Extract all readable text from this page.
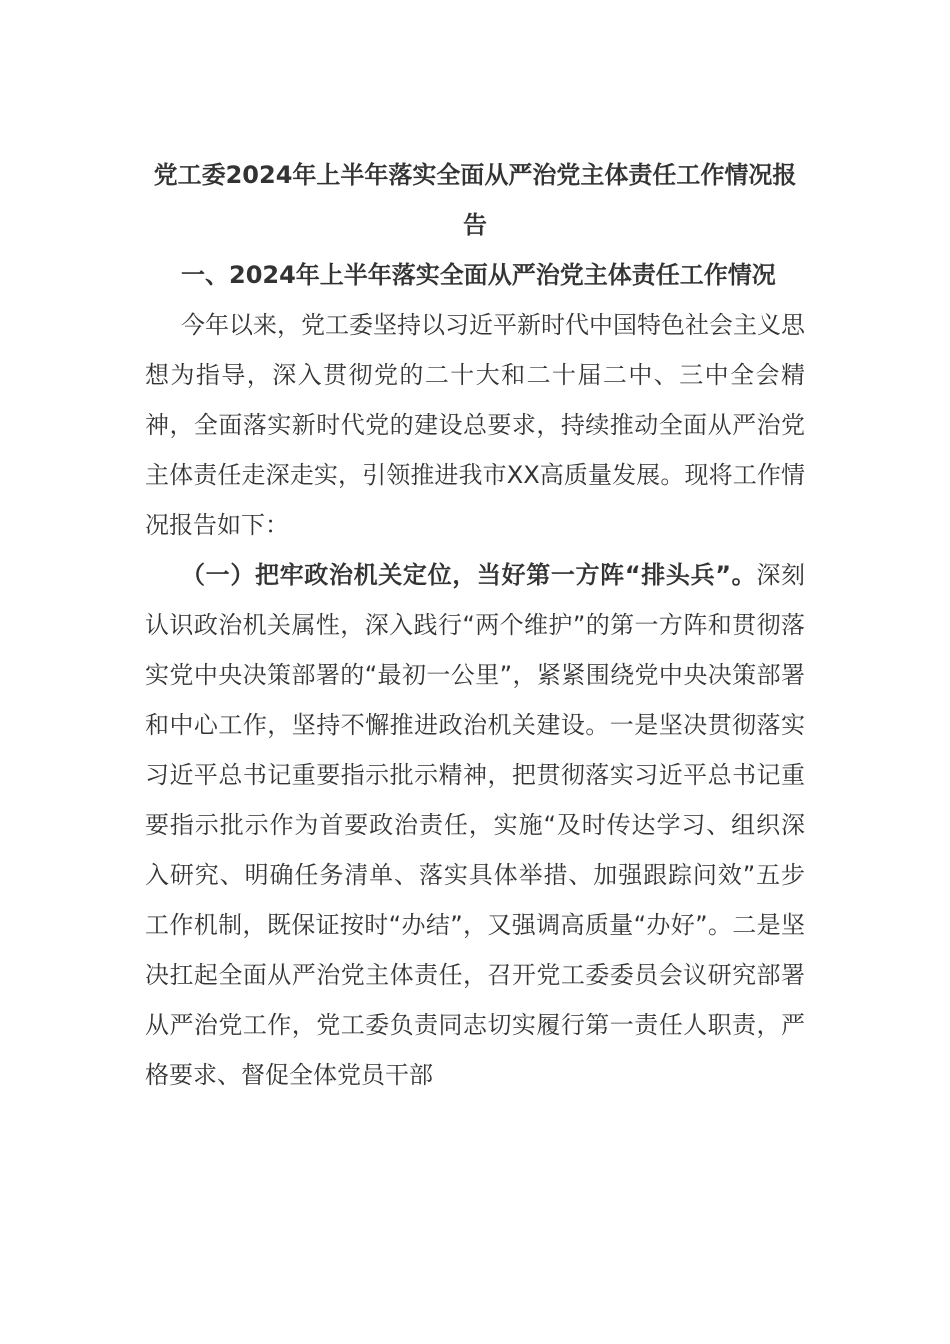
党工委2024年上半年落实全面从严治党主体责任工作情况报告
一、2024年上半年落实全面从严治党主体责任工作情况

今年以来，党工委坚持以习近平新时代中国特色社会主义思想为指导，深入贯彻党的二十大和二十届二中、三中全会精神，全面落实新时代党的建设总要求，持续推动全面从严治党主体责任走深走实，引领推进我市XX高质量发展。现将工作情况报告如下：

（一）把牢政治机关定位，当好第一方阵“排头兵”。深刻认识政治机关属性，深入践行“两个维护”的第一方阵和贯彻落实党中央决策部署的“最初一公里”，紧紧围绕党中央决策部署和中心工作，坚持不懈推进政治机关建设。一是坚决贯彻落实习近平总书记重要指示批示精神，把贯彻落实习近平总书记重要指示批示作为首要政治责任，实施“及时传达学习、组织深入研究、明确任务清单、落实具体举措、加强跟踪问效”五步工作机制，既保证按时“办结”，又强调高质量“办好”。二是坚决扛起全面从严治党主体责任，召开党工委委员会议研究部署从严治党工作，党工委负责同志切实履行第一责任人职责，严格要求、督促全体党员干部
